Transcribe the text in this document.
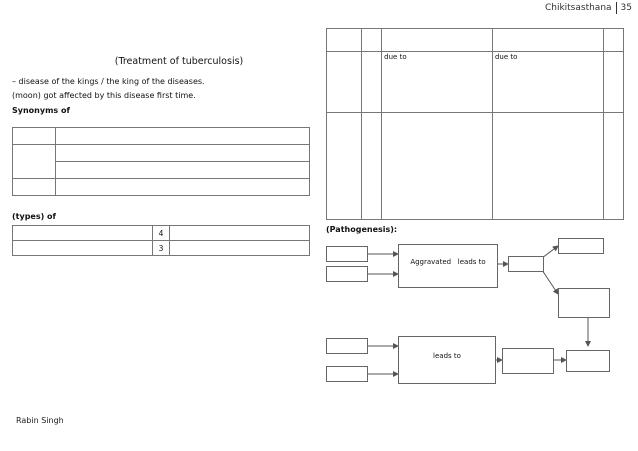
Chikitsasthana 35

(Treatment of tuberculosis)
– disease of the kings / the king of the diseases.
(moon) got affected by this disease first time.
Synonyms of

(types) of
	4	
	3	

		due to	due to	

(Pathogenesis):
Aggravated leads to
leads to
Rabin Singh
